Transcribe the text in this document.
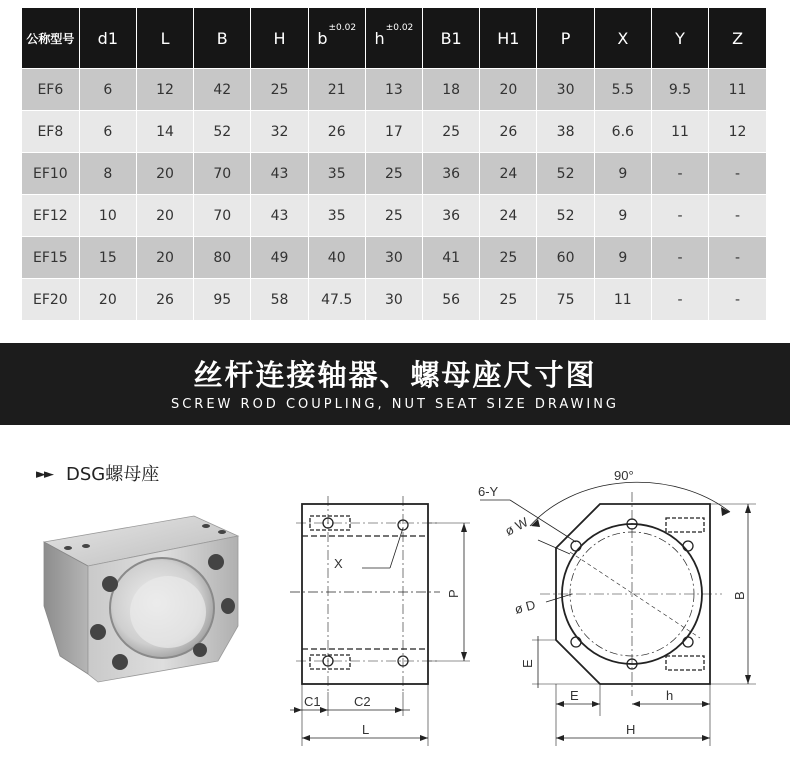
公称型号	d1	L	B	H	$b^{\pm 0.02}$	$h^{\pm 0.02}$	B1	H1	P	X	Y	Z
EF6	6	12	42	25	21	13	18	20	30	5.5	9.5	11
EF8	6	14	52	32	26	17	25	26	38	6.6	11	12
EF10	8	20	70	43	35	25	36	24	52	9	-	-
EF12	10	20	70	43	35	25	36	24	52	9	-	-
EF15	15	20	80	49	40	30	41	25	60	9	-	-
EF20	20	26	95	58	47.5	30	56	25	75	11	-	-
丝杆连接轴器、螺母座尺寸图
SCREW ROD COUPLING, NUT SEAT SIZE DRAWING
►► DSG螺母座
X
P
C1	C2
L
90°
6-Y
ø W
ø D
B
E
E	h
H
